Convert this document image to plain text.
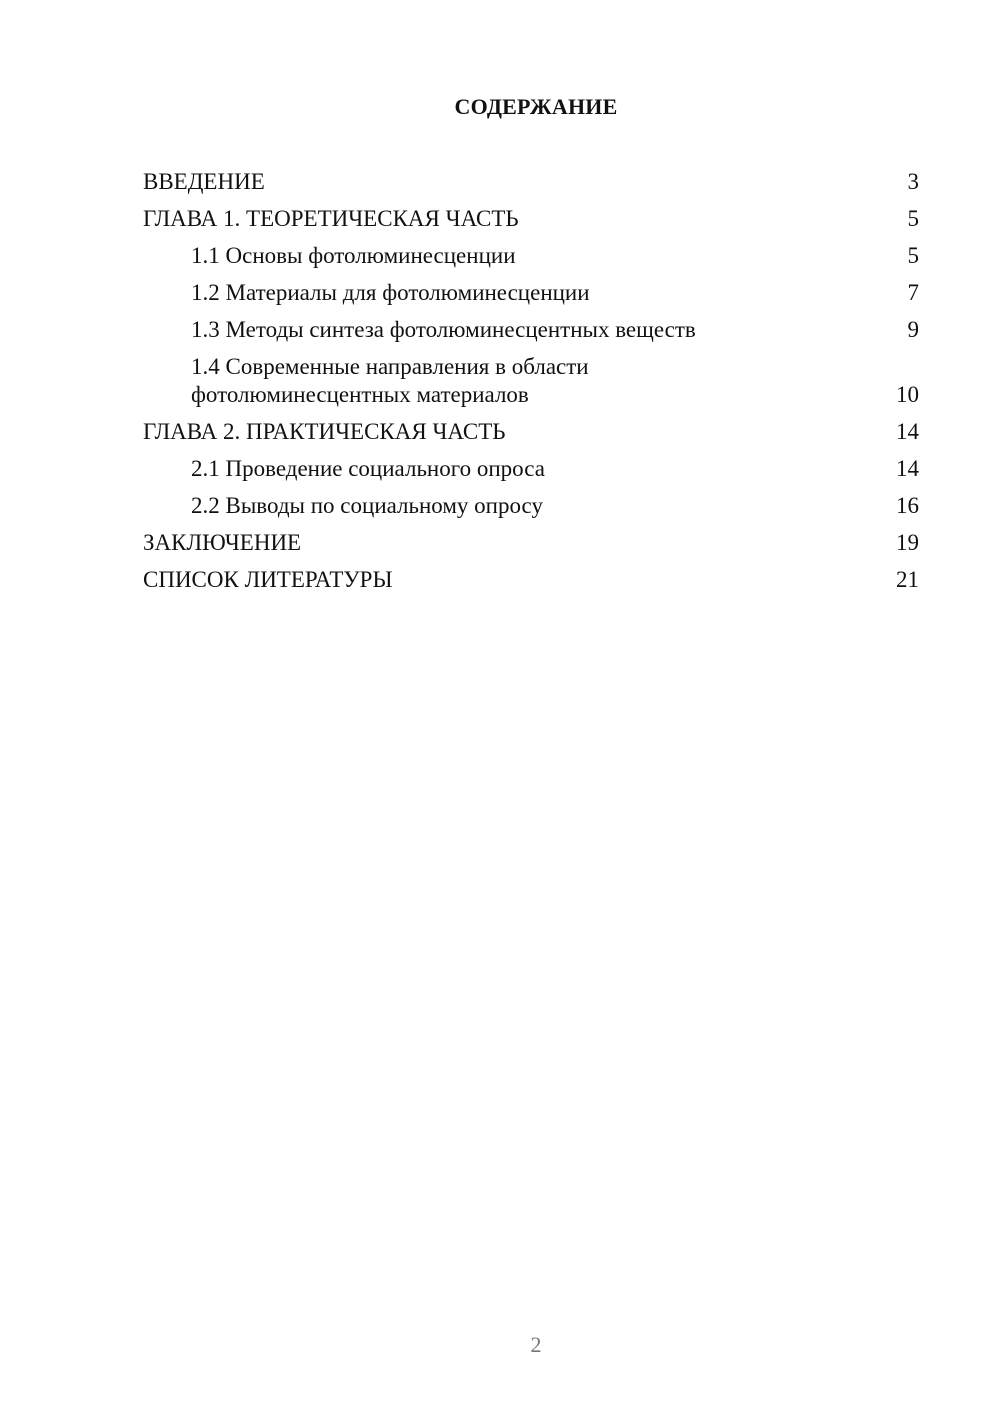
СОДЕРЖАНИЕ
ВВЕДЕНИЕ	3
ГЛАВА 1. ТЕОРЕТИЧЕСКАЯ ЧАСТЬ	5
1.1 Основы фотолюминесценции	5
1.2 Материалы для фотолюминесценции	7
1.3 Методы синтеза фотолюминесцентных веществ	9
1.4 Современные направления в области
фотолюминесцентных материалов	10
ГЛАВА 2. ПРАКТИЧЕСКАЯ ЧАСТЬ	14
2.1 Проведение социального опроса	14
2.2 Выводы по социальному опросу	16
ЗАКЛЮЧЕНИЕ	19
СПИСОК ЛИТЕРАТУРЫ	21
2
